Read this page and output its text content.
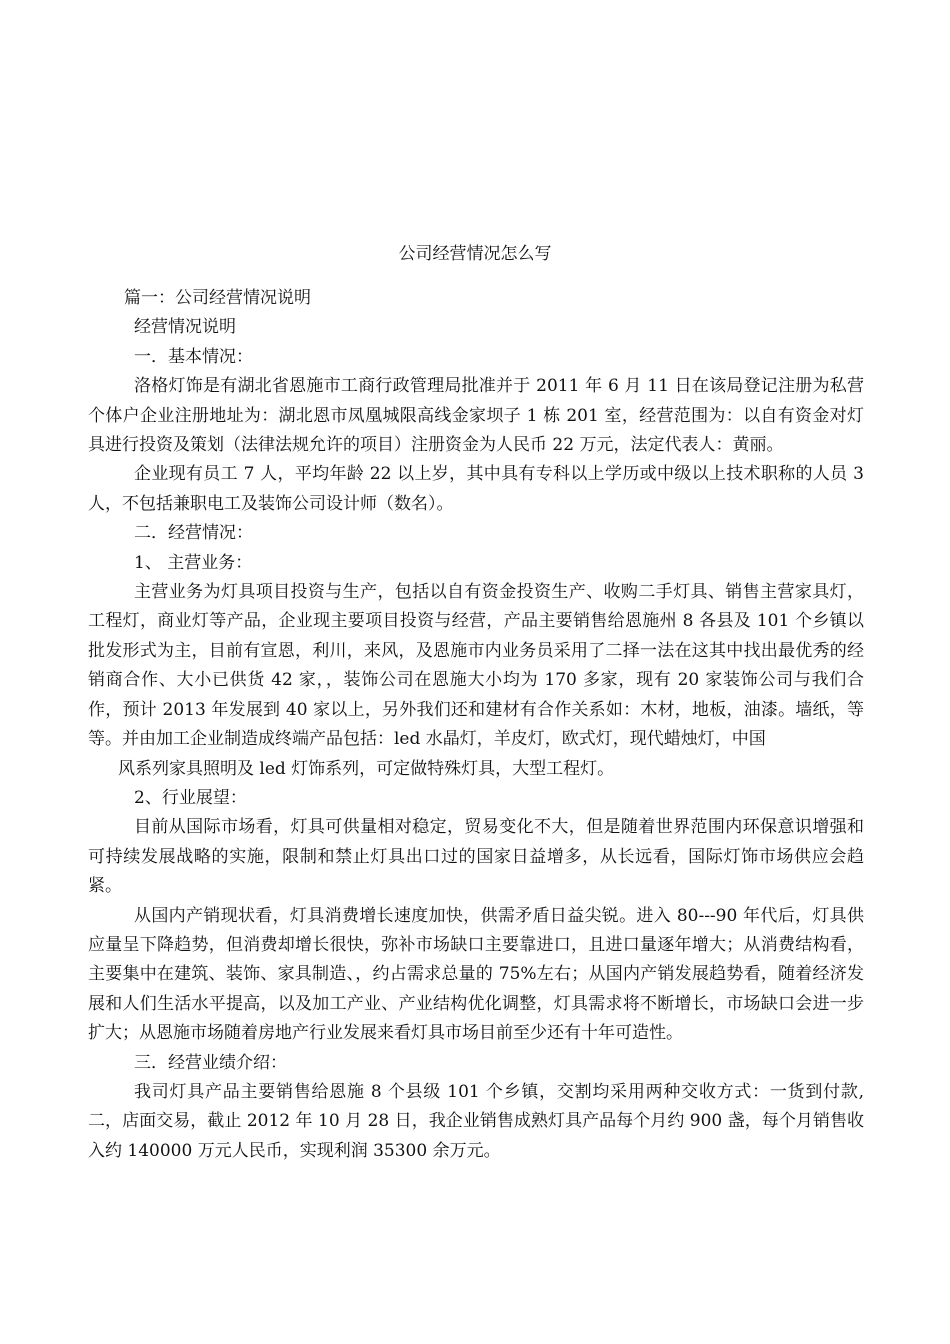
公司经营情况怎么写

篇一：公司经营情况说明

经营情况说明

一．基本情况：

洛格灯饰是有湖北省恩施市工商行政管理局批准并于 2011 年 6 月 11 日在该局登记注册为私营个体户企业注册地址为：湖北恩市凤凰城限高线金家坝子 1 栋 201 室，经营范围为：以自有资金对灯具进行投资及策划（法律法规允许的项目）注册资金为人民币 22 万元，法定代表人：黄丽。

企业现有员工 7 人，平均年龄 22 以上岁，其中具有专科以上学历或中级以上技术职称的人员 3 人，不包括兼职电工及装饰公司设计师（数名）。

二．经营情况：

1、 主营业务：

主营业务为灯具项目投资与生产，包括以自有资金投资生产、收购二手灯具、销售主营家具灯，工程灯，商业灯等产品，企业现主要项目投资与经营，产品主要销售给恩施州 8 各县及 101 个乡镇以批发形式为主，目前有宣恩，利川，来风，及恩施市内业务员采用了二择一法在这其中找出最优秀的经销商合作、大小已供货 42 家，，装饰公司在恩施大小均为 170 多家，现有 20 家装饰公司与我们合作，预计 2013 年发展到 40 家以上，另外我们还和建材有合作关系如：木材，地板，油漆。墙纸，等等。并由加工企业制造成终端产品包括：led 水晶灯，羊皮灯，欧式灯，现代蜡烛灯，中国

风系列家具照明及 led 灯饰系列，可定做特殊灯具，大型工程灯。

2、行业展望：

目前从国际市场看，灯具可供量相对稳定，贸易变化不大，但是随着世界范围内环保意识增强和可持续发展战略的实施，限制和禁止灯具出口过的国家日益增多，从长远看，国际灯饰市场供应会趋紧。

从国内产销现状看，灯具消费增长速度加快，供需矛盾日益尖锐。进入 80---90 年代后，灯具供应量呈下降趋势，但消费却增长很快，弥补市场缺口主要靠进口，且进口量逐年增大；从消费结构看，主要集中在建筑、装饰、家具制造、，约占需求总量的 75%左右；从国内产销发展趋势看，随着经济发展和人们生活水平提高，以及加工产业、产业结构优化调整，灯具需求将不断增长，市场缺口会进一步扩大；从恩施市场随着房地产行业发展来看灯具市场目前至少还有十年可造性。

三．经营业绩介绍：

我司灯具产品主要销售给恩施 8 个县级 101 个乡镇，交割均采用两种交收方式：一货到付款,二，店面交易，截止 2012 年 10 月 28 日，我企业销售成熟灯具产品每个月约 900 盏，每个月销售收入约 140000 万元人民币，实现利润 35300 余万元。
